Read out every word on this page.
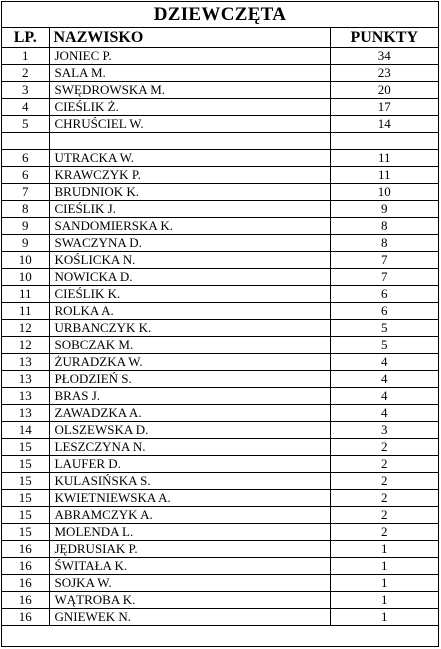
DZIEWCZĘTA
LP.	NAZWISKO	PUNKTY
1	JONIEC P.	34
2	SALA M.	23
3	SWĘDROWSKA M.	20
4	CIEŚLIK Ż.	17
5	CHRUŚCIEL W.	14

6	UTRACKA W.	11
6	KRAWCZYK P.	11
7	BRUDNIOK K.	10
8	CIEŚLIK J.	9
9	SANDOMIERSKA K.	8
9	SWACZYNA D.	8
10	KOŚLICKA N.	7
10	NOWICKA D.	7
11	CIEŚLIK K.	6
11	ROLKA A.	6
12	URBANCZYK K.	5
12	SOBCZAK M.	5
13	ŻURADZKA W.	4
13	PŁODZIEŃ S.	4
13	BRAS J.	4
13	ZAWADZKA A.	4
14	OLSZEWSKA D.	3
15	LESZCZYNA N.	2
15	LAUFER D.	2
15	KULASIŃSKA S.	2
15	KWIETNIEWSKA A.	2
15	ABRAMCZYK A.	2
15	MOLENDA L.	2
16	JĘDRUSIAK P.	1
16	ŚWITAŁA K.	1
16	SOJKA W.	1
16	WĄTROBA K.	1
16	GNIEWEK N.	1
